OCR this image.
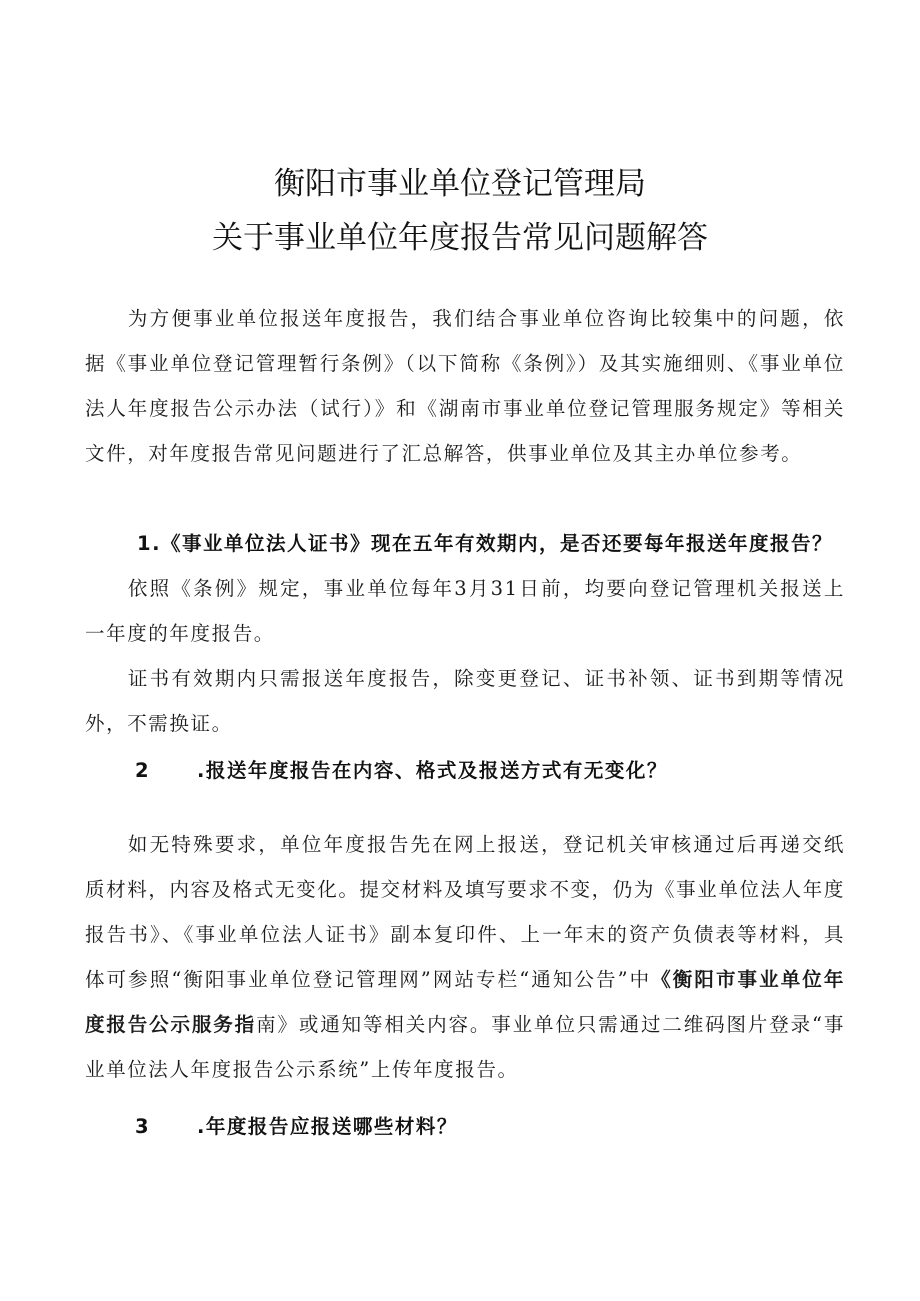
衡阳市事业单位登记管理局
关于事业单位年度报告常见问题解答

为方便事业单位报送年度报告，我们结合事业单位咨询比较集中的问题，依据《事业单位登记管理暂行条例》（以下简称《条例》）及其实施细则、《事业单位法人年度报告公示办法（试行）》和《湖南市事业单位登记管理服务规定》等相关文件，对年度报告常见问题进行了汇总解答，供事业单位及其主办单位参考。

1.《事业单位法人证书》现在五年有效期内，是否还要每年报送年度报告？

依照《条例》规定，事业单位每年3月31日前，均要向登记管理机关报送上一年度的年度报告。

证书有效期内只需报送年度报告，除变更登记、证书补领、证书到期等情况外，不需换证。

2 .报送年度报告在内容、格式及报送方式有无变化？

如无特殊要求，单位年度报告先在网上报送，登记机关审核通过后再递交纸质材料，内容及格式无变化。提交材料及填写要求不变，仍为《事业单位法人年度报告书》、《事业单位法人证书》副本复印件、上一年末的资产负债表等材料，具体可参照“衡阳事业单位登记管理网”网站专栏“通知公告”中《衡阳市事业单位年度报告公示服务指南》或通知等相关内容。事业单位只需通过二维码图片登录“事业单位法人年度报告公示系统”上传年度报告。

3 .年度报告应报送哪些材料？
